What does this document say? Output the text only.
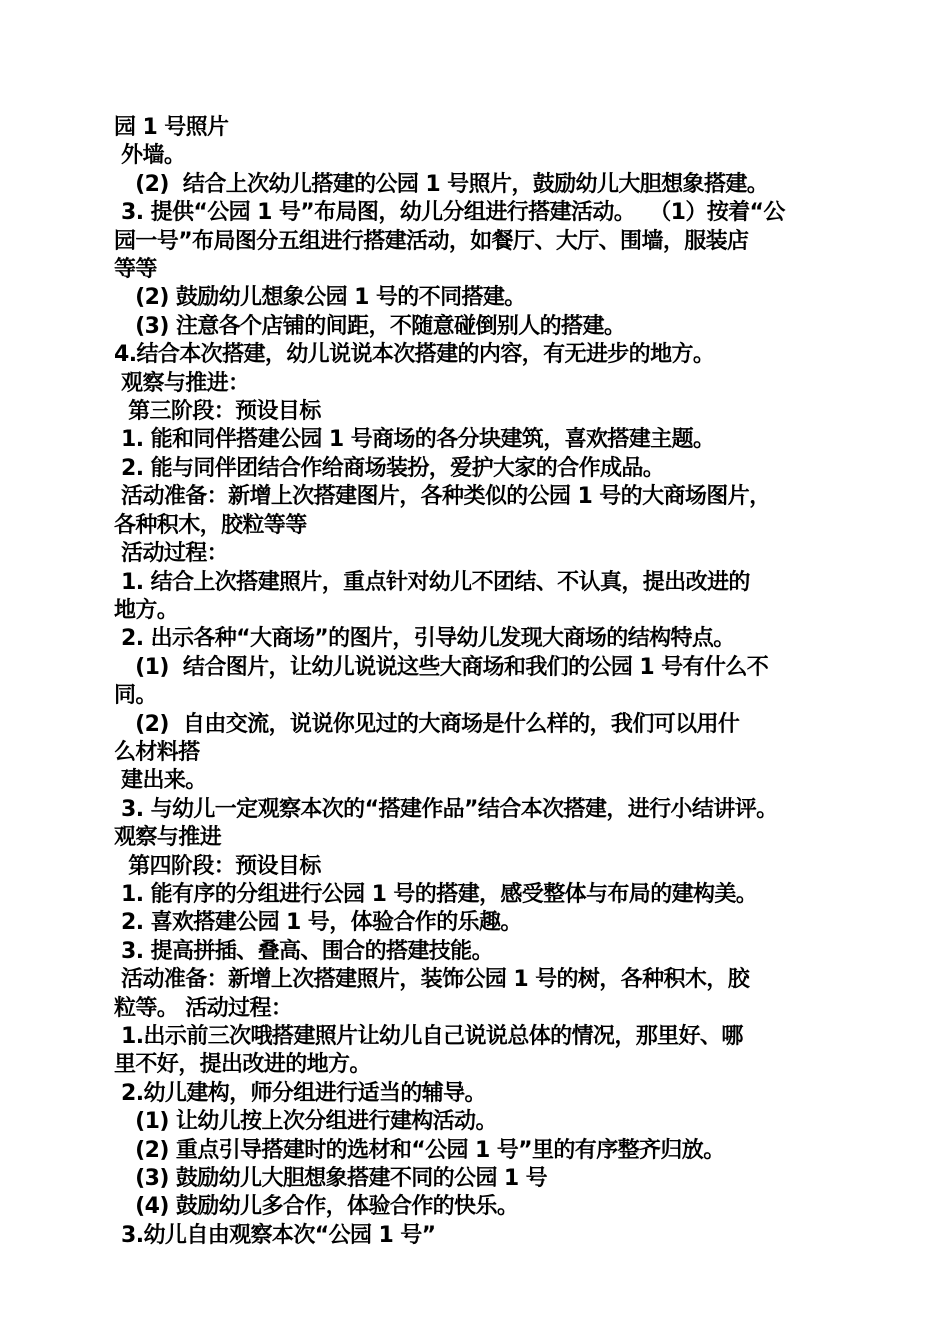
园 1 号照片
外墙。
(2)  结合上次幼儿搭建的公园 1 号照片，鼓励幼儿大胆想象搭建。
3. 提供“公园 1 号”布局图，幼儿分组进行搭建活动。  （1）按着“公
园一号”布局图分五组进行搭建活动，如餐厅、大厅、围墙，服装店
等等
(2) 鼓励幼儿想象公园 1 号的不同搭建。
(3) 注意各个店铺的间距，不随意碰倒别人的搭建。
4.结合本次搭建，幼儿说说本次搭建的内容，有无进步的地方。
观察与推进：
第三阶段：预设目标
1. 能和同伴搭建公园 1 号商场的各分块建筑，喜欢搭建主题。
2. 能与同伴团结合作给商场装扮，爱护大家的合作成品。
活动准备：新增上次搭建图片，各种类似的公园 1 号的大商场图片，
各种积木，胶粒等等
活动过程：
1. 结合上次搭建照片，重点针对幼儿不团结、不认真，提出改进的
地方。
2. 出示各种“大商场”的图片，引导幼儿发现大商场的结构特点。
(1)  结合图片，让幼儿说说这些大商场和我们的公园 1 号有什么不
同。
(2)  自由交流，说说你见过的大商场是什么样的，我们可以用什
么材料搭
建出来。
3. 与幼儿一定观察本次的“搭建作品”结合本次搭建，进行小结讲评。
观察与推进
第四阶段：预设目标
1. 能有序的分组进行公园 1 号的搭建，感受整体与布局的建构美。
2. 喜欢搭建公园 1 号，体验合作的乐趣。
3. 提高拼插、叠高、围合的搭建技能。
活动准备：新增上次搭建照片，装饰公园 1 号的树，各种积木，胶
粒等。 活动过程：
1.出示前三次哦搭建照片让幼儿自己说说总体的情况，那里好、哪
里不好，提出改进的地方。
2.幼儿建构，师分组进行适当的辅导。
(1) 让幼儿按上次分组进行建构活动。
(2) 重点引导搭建时的选材和“公园 1 号”里的有序整齐归放。
(3) 鼓励幼儿大胆想象搭建不同的公园 1 号
(4) 鼓励幼儿多合作，体验合作的快乐。
3.幼儿自由观察本次“公园 1 号”
